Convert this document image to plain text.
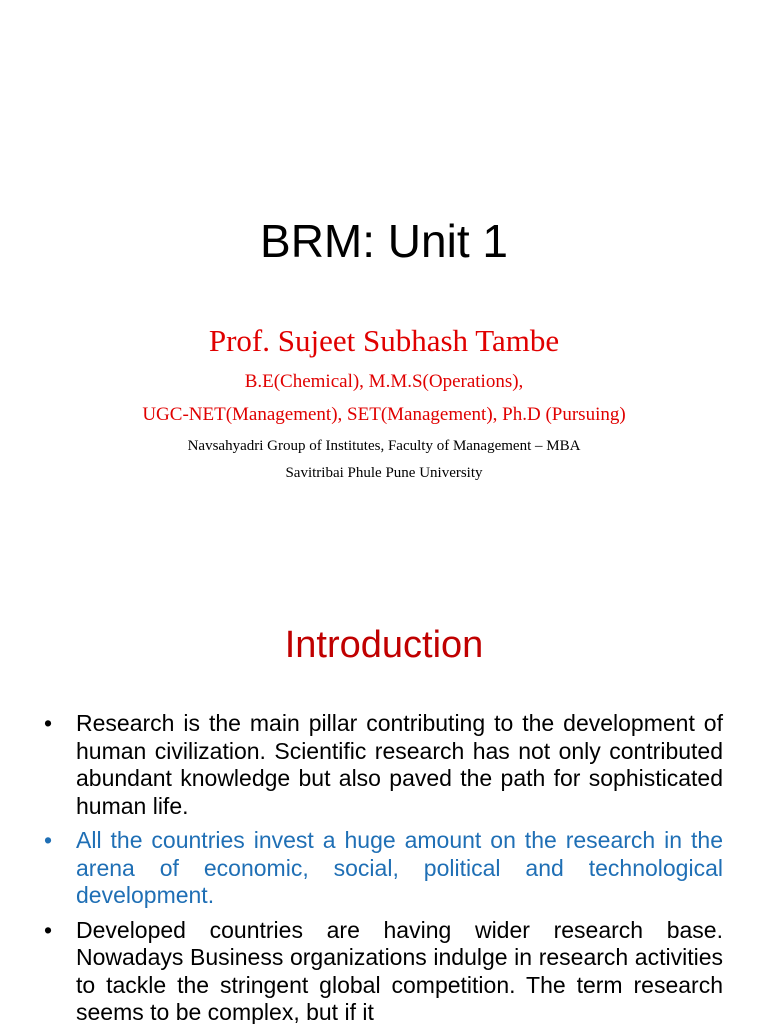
BRM: Unit 1
Prof. Sujeet Subhash Tambe
B.E(Chemical), M.M.S(Operations),
UGC-NET(Management), SET(Management), Ph.D (Pursuing)
Navsahyadri Group of Institutes, Faculty of Management – MBA
Savitribai Phule Pune University
Introduction
•	Research is the main pillar contributing to the development of human civilization. Scientific research has not only contributed abundant knowledge but also paved the path for sophisticated human life.
•	All the countries invest a huge amount on the research in the arena of economic, social, political and technological development.
•	Developed countries are having wider research base. Nowadays Business organizations indulge in research activities to tackle the stringent global competition. The term research seems to be complex, but if it
